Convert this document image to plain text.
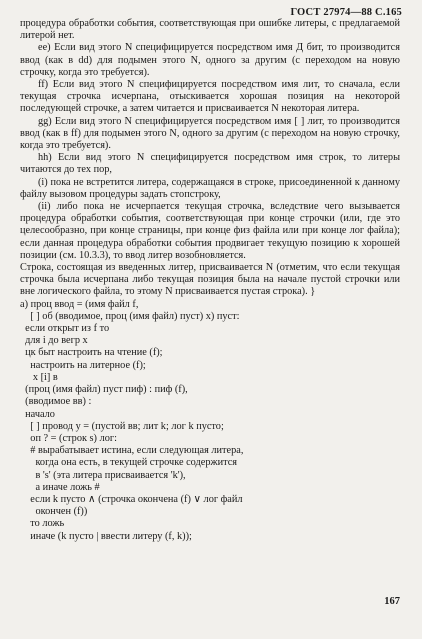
ГОСТ 27974—88 С.165

процедура обработки события, соответствующая при ошибке литеры, с предлагаемой литерой нет.

ее) Если вид этого N специфицируется посредством имя Д бит, то производится ввод (как в dd) для подымен этого N, одного за другим (с переходом на новую строчку, когда это требуется).

ff) Если вид этого N специфицируется посредством имя лит, то сначала, если текущая строчка исчерпана, отыскивается хорошая позиция на некоторой последующей строчке, а затем читается и присваивается N некоторая литера.

gg) Если вид этого N специфицируется посредством имя [ ] лит, то производится ввод (как в ff) для подымен этого N, одного за другим (с переходом на новую строчку, когда это требуется).

hh) Если вид этого N специфицируется посредством имя строк, то литеры читаются до тех пор,

(i) пока не встретится литера, содержащаяся в строке, присоединенной к данному файлу вызовом процедуры задать стопстроку,

(ii) либо пока не исчерпается текущая строчка, вследствие чего вызывается процедура обработки события, соответствующая при конце строчки (или, где это целесообразно, при конце страницы, при конце физ файла или при конце лог файла); если данная процедура обработки события продвигает текущую позицию к хорошей позиции (см. 10.3.3), то ввод литер возобновляется.

Строка, состоящая из введенных литер, присваивается N (отметим, что если текущая строчка была исчерпана либо текущая позиция была на начале пустой строчки или вне логического файла, то этому N присваивается пустая строка). }

а) проц ввод = (имя файл f,
[ ] об (вводимое, проц (имя файл) пуст) х) пуст:
если открыт из f то
для i до вегр х
цк быт настроить на чтение (f);
настроить на литерное (f);
х [i] в
(проц (имя файл) пуст пиф) : пиф (f),
(вводимое вв) :
начало
[ ] провод у = (пустой вв; лит k; лог k пусто;
оп ? = (строк s) лог:
# вырабатывает истина, если следующая литера,
когда она есть, в текущей строчке содержится
в 's' (эта литера присваивается 'k'),
а иначе ложь #
если k пусто ∧ (строчка окончена (f) ∨ лог файл
окончен (f))
то ложь
иначе (k пусто | ввести литеру (f, k));
167
